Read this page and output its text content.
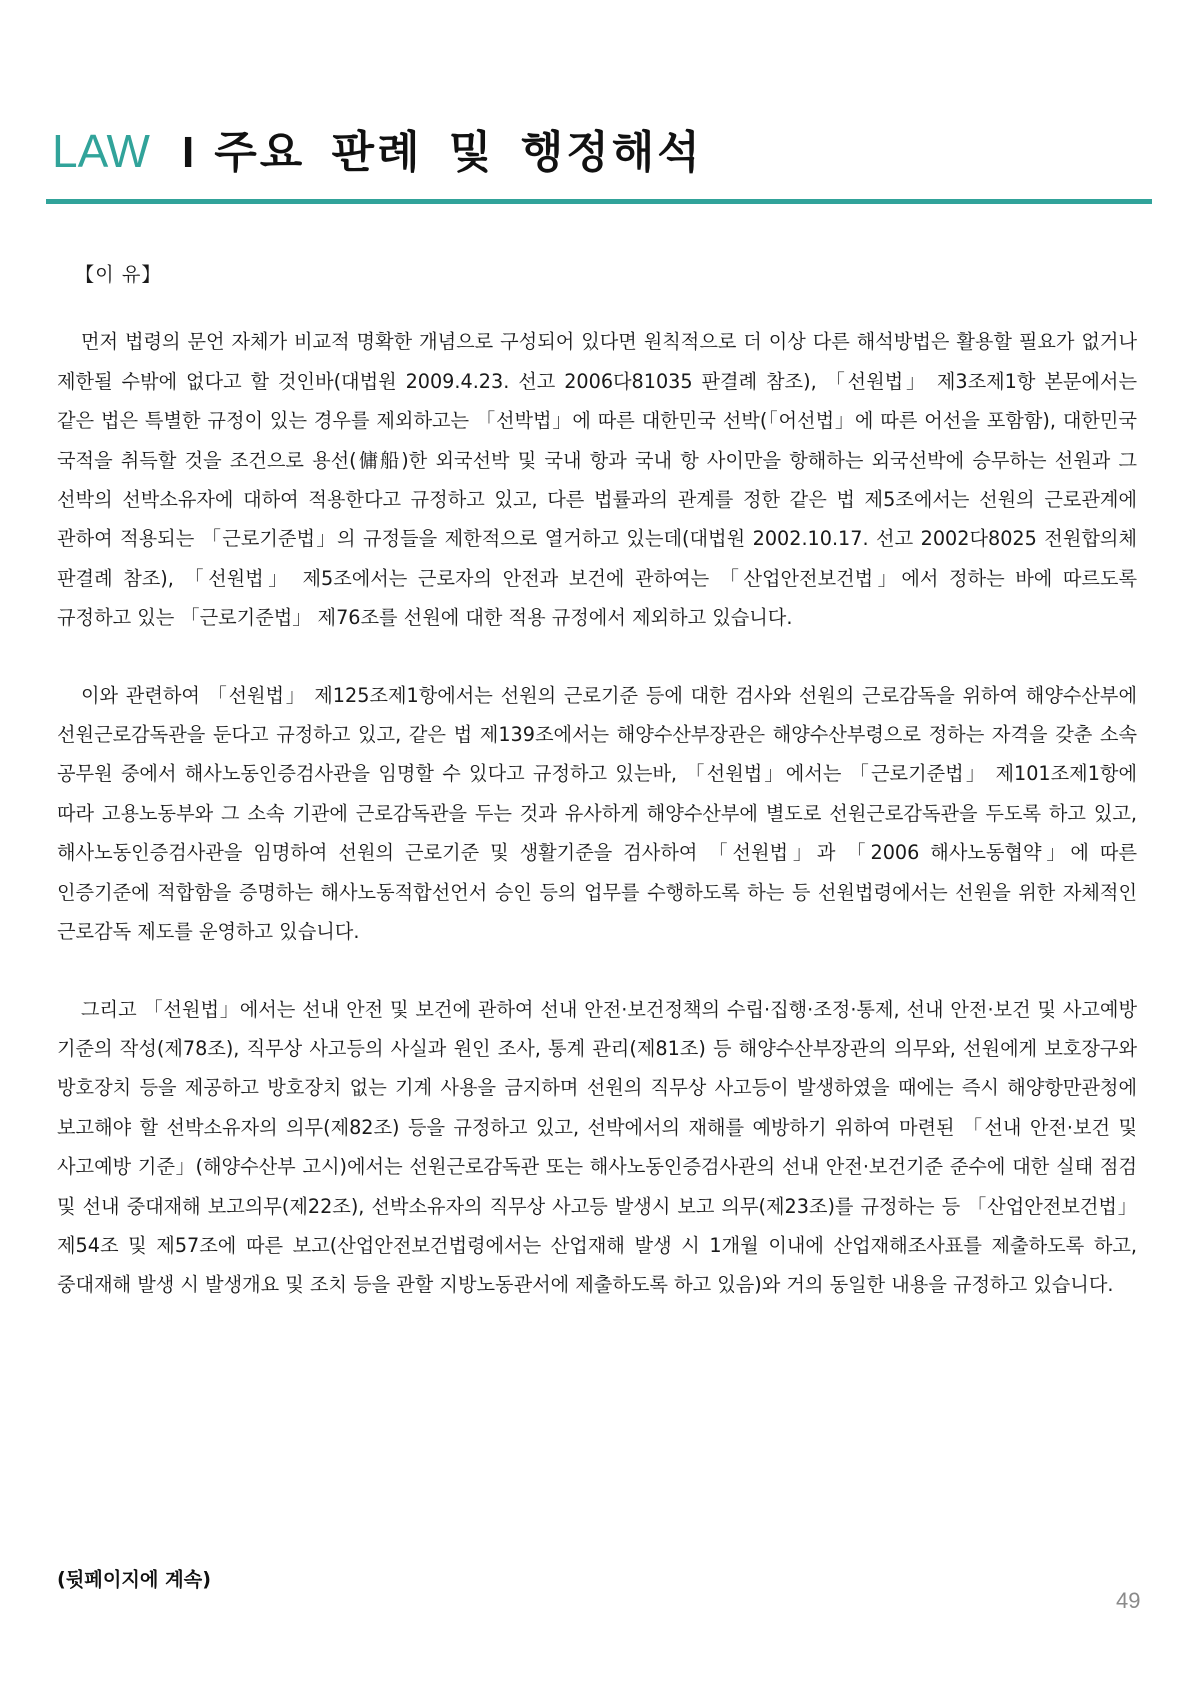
LAW I 주요 판례 및 행정해석
【이 유】

먼저 법령의 문언 자체가 비교적 명확한 개념으로 구성되어 있다면 원칙적으로 더 이상 다른 해석방법은 활용할 필요가 없거나 제한될 수밖에 없다고 할 것인바(대법원 2009.4.23. 선고 2006다81035 판결례 참조), 「선원법」 제3조제1항 본문에서는 같은 법은 특별한 규정이 있는 경우를 제외하고는 「선박법」에 따른 대한민국 선박(「어선법」에 따른 어선을 포함함), 대한민국 국적을 취득할 것을 조건으로 용선(傭船)한 외국선박 및 국내 항과 국내 항 사이만을 항해하는 외국선박에 승무하는 선원과 그 선박의 선박소유자에 대하여 적용한다고 규정하고 있고, 다른 법률과의 관계를 정한 같은 법 제5조에서는 선원의 근로관계에 관하여 적용되는 「근로기준법」의 규정들을 제한적으로 열거하고 있는데(대법원 2002.10.17. 선고 2002다8025 전원합의체 판결례 참조), 「선원법」 제5조에서는 근로자의 안전과 보건에 관하여는 「산업안전보건법」에서 정하는 바에 따르도록 규정하고 있는 「근로기준법」 제76조를 선원에 대한 적용 규정에서 제외하고 있습니다.

이와 관련하여 「선원법」 제125조제1항에서는 선원의 근로기준 등에 대한 검사와 선원의 근로감독을 위하여 해양수산부에 선원근로감독관을 둔다고 규정하고 있고, 같은 법 제139조에서는 해양수산부장관은 해양수산부령으로 정하는 자격을 갖춘 소속 공무원 중에서 해사노동인증검사관을 임명할 수 있다고 규정하고 있는바, 「선원법」에서는 「근로기준법」 제101조제1항에 따라 고용노동부와 그 소속 기관에 근로감독관을 두는 것과 유사하게 해양수산부에 별도로 선원근로감독관을 두도록 하고 있고, 해사노동인증검사관을 임명하여 선원의 근로기준 및 생활기준을 검사하여 「선원법」과 「2006 해사노동협약」에 따른 인증기준에 적합함을 증명하는 해사노동적합선언서 승인 등의 업무를 수행하도록 하는 등 선원법령에서는 선원을 위한 자체적인 근로감독 제도를 운영하고 있습니다.

그리고 「선원법」에서는 선내 안전 및 보건에 관하여 선내 안전·보건정책의 수립·집행·조정·통제, 선내 안전·보건 및 사고예방 기준의 작성(제78조), 직무상 사고등의 사실과 원인 조사, 통계 관리(제81조) 등 해양수산부장관의 의무와, 선원에게 보호장구와 방호장치 등을 제공하고 방호장치 없는 기계 사용을 금지하며 선원의 직무상 사고등이 발생하였을 때에는 즉시 해양항만관청에 보고해야 할 선박소유자의 의무(제82조) 등을 규정하고 있고, 선박에서의 재해를 예방하기 위하여 마련된 「선내 안전·보건 및 사고예방 기준」(해양수산부 고시)에서는 선원근로감독관 또는 해사노동인증검사관의 선내 안전·보건기준 준수에 대한 실태 점검 및 선내 중대재해 보고의무(제22조), 선박소유자의 직무상 사고등 발생시 보고 의무(제23조)를 규정하는 등 「산업안전보건법」 제54조 및 제57조에 따른 보고(산업안전보건법령에서는 산업재해 발생 시 1개월 이내에 산업재해조사표를 제출하도록 하고, 중대재해 발생 시 발생개요 및 조치 등을 관할 지방노동관서에 제출하도록 하고 있음)와 거의 동일한 내용을 규정하고 있습니다.

(뒷페이지에 계속)
49
